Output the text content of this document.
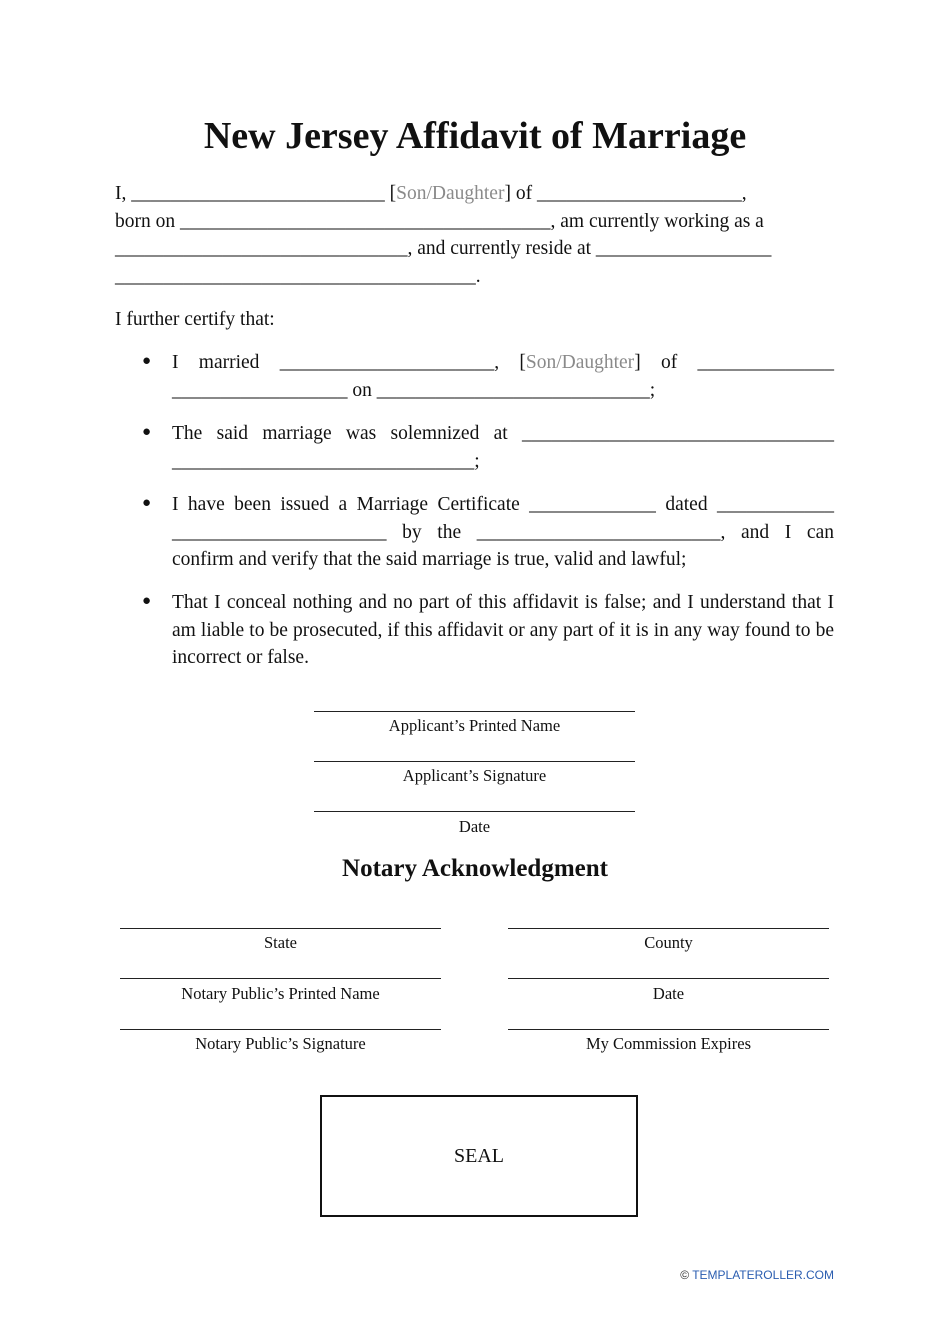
New Jersey Affidavit of Marriage

I, __________________________ [Son/Daughter] of _____________________,

born on ______________________________________, am currently working as a

______________________________, and currently reside at __________________

_____________________________________.

I further certify that:

● I married ______________________, [Son/Daughter] of ______________ __________________ on ____________________________;

● The said marriage was solemnized at ________________________________ _______________________________;

● I have been issued a Marriage Certificate _____________ dated ____________ ______________________ by the _________________________, and I can confirm and verify that the said marriage is true, valid and lawful;

● That I conceal nothing and no part of this affidavit is false; and I understand that I am liable to be prosecuted, if this affidavit or any part of it is in any way found to be incorrect or false.

Applicant’s Printed Name
Applicant’s Signature
Date
Notary Acknowledgment
State	County
Notary Public’s Printed Name	Date
Notary Public’s Signature	My Commission Expires
SEAL
© TEMPLATEROLLER.COM
